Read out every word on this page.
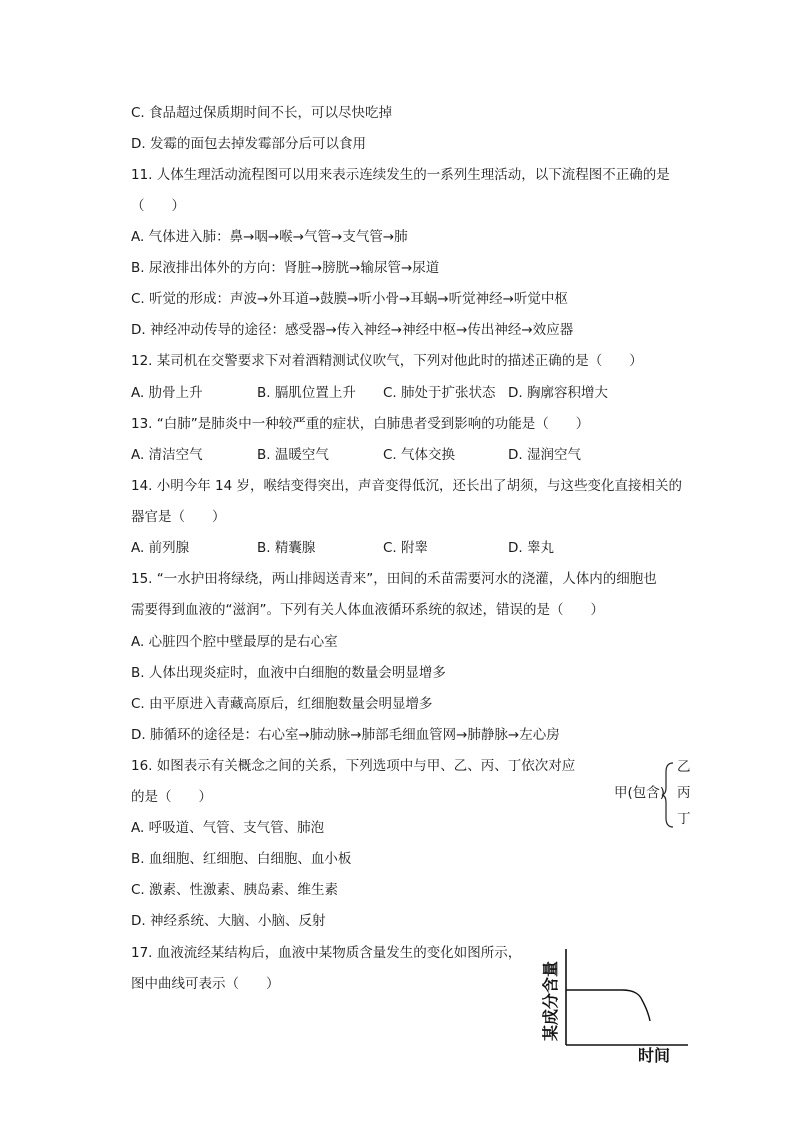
C. 食品超过保质期时间不长，可以尽快吃掉
D. 发霉的面包去掉发霉部分后可以食用
11. 人体生理活动流程图可以用来表示连续发生的一系列生理活动，以下流程图不正确的是
（　　）
A. 气体进入肺：鼻→咽→喉→气管→支气管→肺
B. 尿液排出体外的方向：肾脏→膀胱→输尿管→尿道
C. 听觉的形成：声波→外耳道→鼓膜→听小骨→耳蜗→听觉神经→听觉中枢
D. 神经冲动传导的途径：感受器→传入神经→神经中枢→传出神经→效应器
12. 某司机在交警要求下对着酒精测试仪吹气，下列对他此时的描述正确的是（　　）
A. 肋骨上升	B. 膈肌位置上升 C. 肺处于扩张状态 D. 胸廓容积增大
13. “白肺”是肺炎中一种较严重的症状，白肺患者受到影响的功能是（　　）
A. 清洁空气	B. 温暖空气	C. 气体交换	D. 湿润空气
14. 小明今年 14 岁，喉结变得突出，声音变得低沉，还长出了胡须，与这些变化直接相关的
器官是（　　）
A. 前列腺	B. 精囊腺	C. 附睾	D. 睾丸
15. “一水护田将绿绕，两山排闼送青来”，田间的禾苗需要河水的浇灌，人体内的细胞也
需要得到血液的“滋润”。下列有关人体血液循环系统的叙述，错误的是（　　）
A. 心脏四个腔中壁最厚的是右心室
B. 人体出现炎症时，血液中白细胞的数量会明显增多
C. 由平原进入青藏高原后，红细胞数量会明显增多
D. 肺循环的途径是：右心室→肺动脉→肺部毛细血管网→肺静脉→左心房
16. 如图表示有关概念之间的关系，下列选项中与甲、乙、丙、丁依次对应
的是（　　）	甲(包含)
乙
丙
丁
A. 呼吸道、气管、支气管、肺泡
B. 血细胞、红细胞、白细胞、血小板
C. 激素、性激素、胰岛素、维生素
D. 神经系统、大脑、小脑、反射
17. 血液流经某结构后，血液中某物质含量发生的变化如图所示，
图中曲线可表示（　　）	某成分含量
时间
